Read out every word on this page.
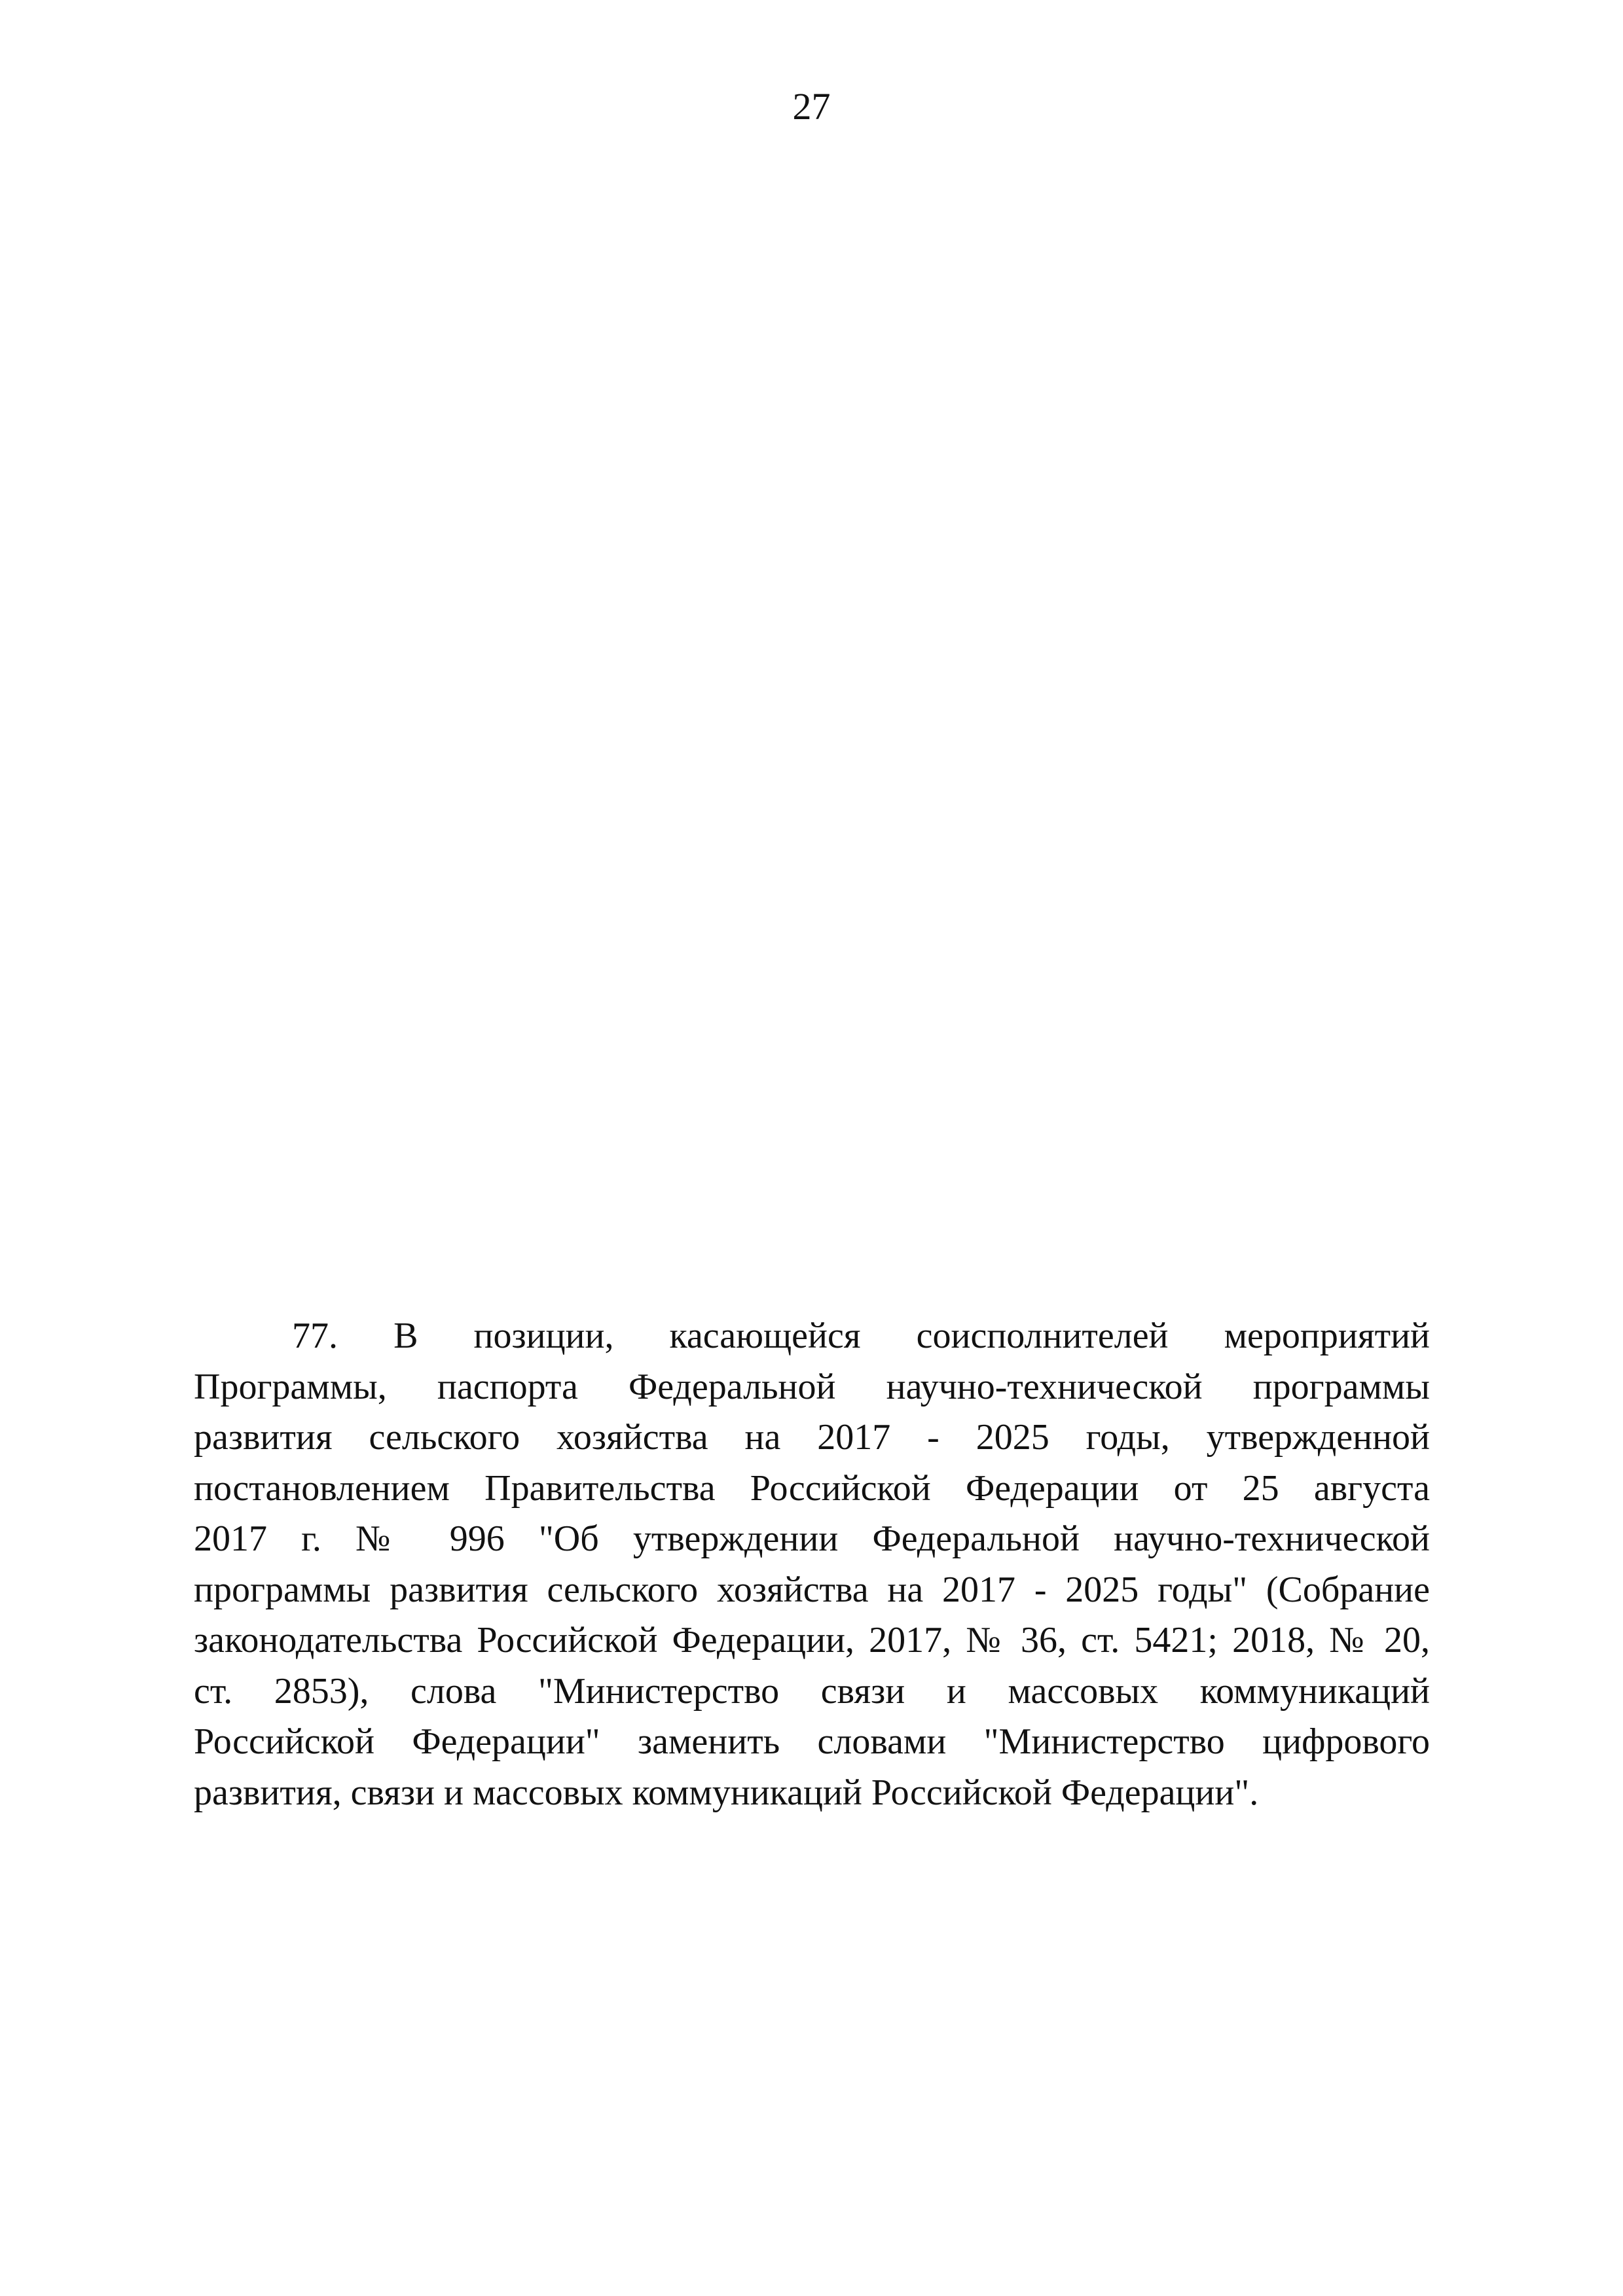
27
77. В позиции, касающейся соисполнителей мероприятий
Программы, паспорта Федеральной научно-технической программы
развития сельского хозяйства на 2017 - 2025 годы, утвержденной
постановлением Правительства Российской Федерации от 25 августа
2017 г. № 996 "Об утверждении Федеральной научно-технической
программы развития сельского хозяйства на 2017 - 2025 годы" (Собрание
законодательства Российской Федерации, 2017, № 36, ст. 5421; 2018, № 20,
ст. 2853), слова "Министерство связи и массовых коммуникаций
Российской Федерации" заменить словами "Министерство цифрового
развития, связи и массовых коммуникаций Российской Федерации".
